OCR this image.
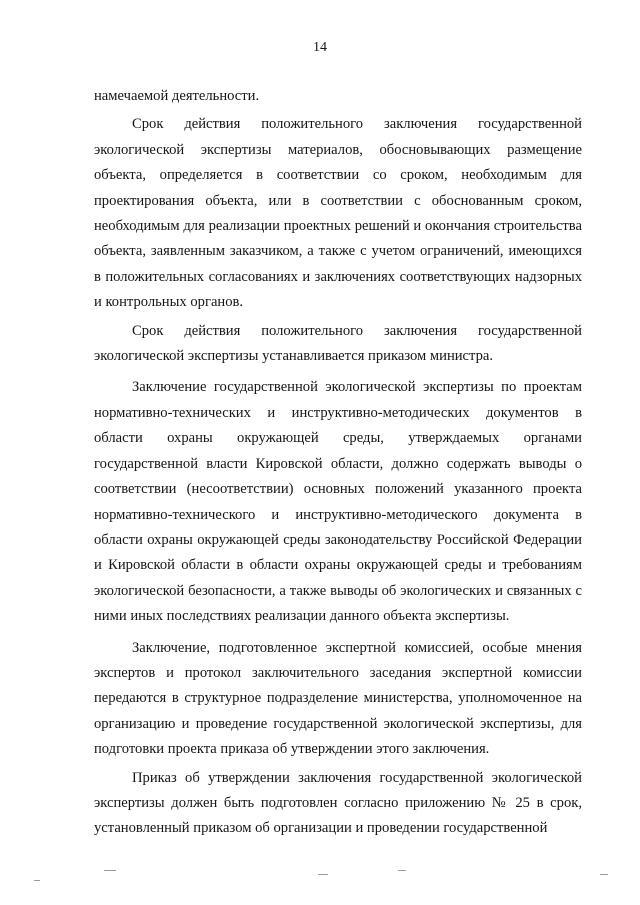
14

намечаемой деятельности.

Срок действия положительного заключения государственной экологической экспертизы материалов, обосновывающих размещение объекта, определяется в соответствии со сроком, необходимым для проектирования объекта, или в соответствии с обоснованным сроком, необходимым для реализации проектных решений и окончания строительства объекта, заявленным заказчиком, а также с учетом ограничений, имеющихся в положительных согласованиях и заключениях соответствующих надзорных и контрольных органов.

Срок действия положительного заключения государственной экологической экспертизы устанавливается приказом министра.

Заключение государственной экологической экспертизы по проектам нормативно-технических и инструктивно-методических документов в области охраны окружающей среды, утверждаемых органами государственной власти Кировской области, должно содержать выводы о соответствии (несоответствии) основных положений указанного проекта нормативно-технического и инструктивно-методического документа в области охраны окружающей среды законодательству Российской Федерации и Кировской области в области охраны окружающей среды и требованиям экологической безопасности, а также выводы об экологических и связанных с ними иных последствиях реализации данного объекта экспертизы.

Заключение, подготовленное экспертной комиссией, особые мнения экспертов и протокол заключительного заседания экспертной комиссии передаются в структурное подразделение министерства, уполномоченное на организацию и проведение государственной экологической экспертизы, для подготовки проекта приказа об утверждении этого заключения.

Приказ об утверждении заключения государственной экологической экспертизы должен быть подготовлен согласно приложению № 25 в срок, установленный приказом об организации и проведении государственной
